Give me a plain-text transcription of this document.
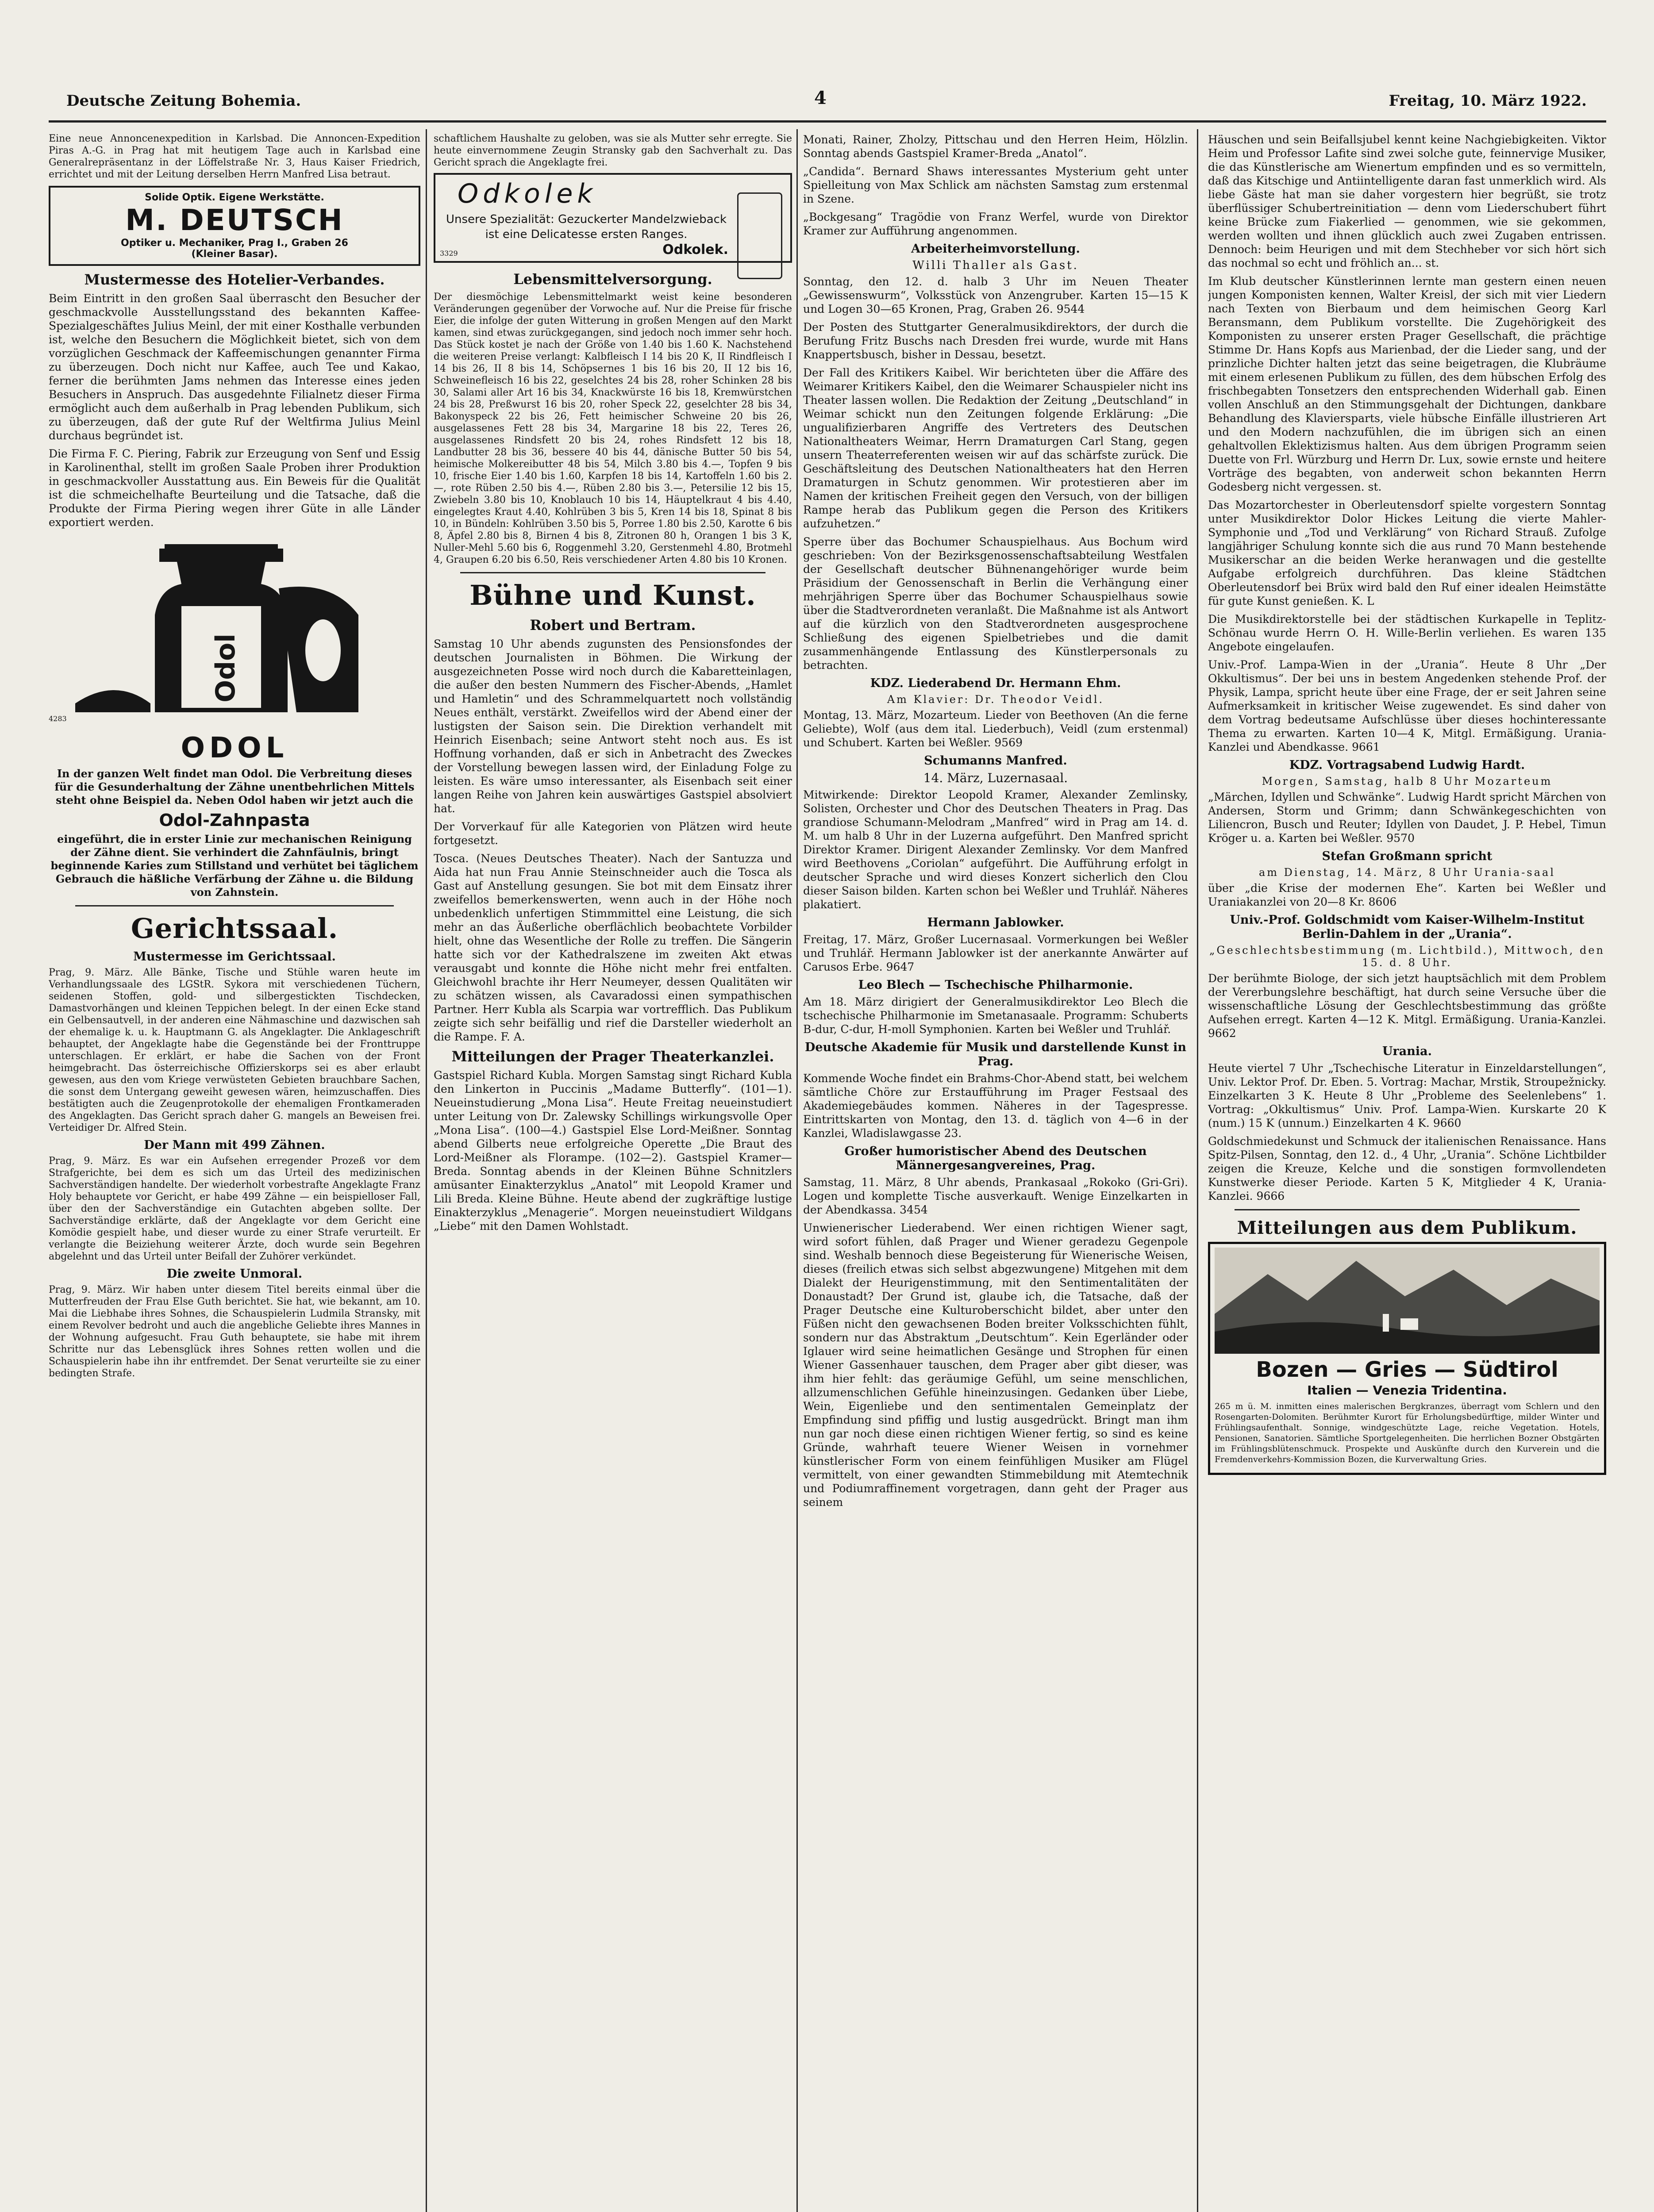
Deutsche Zeitung Bohemia.	4	Freitag, 10. März 1922.

Eine neue Annoncenexpedition in Karlsbad. Die Annoncen-Expedition Piras A.-G. in Prag hat mit heutigem Tage auch in Karlsbad eine Generalrepräsentanz in der Löffelstraße Nr. 3, Haus Kaiser Friedrich, errichtet und mit der Leitung derselben Herrn Manfred Lisa betraut.

Solide Optik. Eigene Werkstätte.
M. DEUTSCH
Optiker u. Mechaniker, Prag I., Graben 26
(Kleiner Basar).
Mustermesse des Hotelier-Verbandes.

Beim Eintritt in den großen Saal überrascht den Besucher der geschmackvolle Ausstellungsstand des bekannten Kaffee-Spezialgeschäftes Julius Meinl, der mit einer Kosthalle verbunden ist, welche den Besuchern die Möglichkeit bietet, sich von dem vorzüglichen Geschmack der Kaffeemischungen genannter Firma zu überzeugen. Doch nicht nur Kaffee, auch Tee und Kakao, ferner die berühmten Jams nehmen das Interesse eines jeden Besuchers in Anspruch. Das ausgedehnte Filialnetz dieser Firma ermöglicht auch dem außerhalb in Prag lebenden Publikum, sich zu überzeugen, daß der gute Ruf der Weltfirma Julius Meinl durchaus begründet ist.

Die Firma F. C. Piering, Fabrik zur Erzeugung von Senf und Essig in Karolinenthal, stellt im großen Saale Proben ihrer Produktion in geschmackvoller Ausstattung aus. Ein Beweis für die Qualität ist die schmeichelhafte Beurteilung und die Tatsache, daß die Produkte der Firma Piering wegen ihrer Güte in alle Länder exportiert werden.

Odol
4283
ODOL

In der ganzen Welt findet man Odol. Die Verbreitung dieses für die Gesunderhaltung der Zähne unentbehrlichen Mittels steht ohne Beispiel da. Neben Odol haben wir jetzt auch die

Odol-Zahnpasta

eingeführt, die in erster Linie zur mechanischen Reinigung der Zähne dient. Sie verhindert die Zahnfäulnis, bringt beginnende Karies zum Stillstand und verhütet bei täglichem Gebrauch die häßliche Verfärbung der Zähne u. die Bildung von Zahnstein.

Gerichtssaal.
Mustermesse im Gerichtssaal.

Prag, 9. März. Alle Bänke, Tische und Stühle waren heute im Verhandlungssaale des LGStR. Sykora mit verschiedenen Tüchern, seidenen Stoffen, gold- und silbergestickten Tischdecken, Damastvorhängen und kleinen Teppichen belegt. In der einen Ecke stand ein Gelbensautvell, in der anderen eine Nähmaschine und dazwischen sah der ehemalige k. u. k. Hauptmann G. als Angeklagter. Die Anklageschrift behauptet, der Angeklagte habe die Gegenstände bei der Fronttruppe unterschlagen. Er erklärt, er habe die Sachen von der Front heimgebracht. Das österreichische Offizierskorps sei es aber erlaubt gewesen, aus den vom Kriege verwüsteten Gebieten brauchbare Sachen, die sonst dem Untergang geweiht gewesen wären, heimzuschaffen. Dies bestätigten auch die Zeugenprotokolle der ehemaligen Frontkameraden des Angeklagten. Das Gericht sprach daher G. mangels an Beweisen frei. Verteidiger Dr. Alfred Stein.

Der Mann mit 499 Zähnen.

Prag, 9. März. Es war ein Aufsehen erregender Prozeß vor dem Strafgerichte, bei dem es sich um das Urteil des medizinischen Sachverständigen handelte. Der wiederholt vorbestrafte Angeklagte Franz Holy behauptete vor Gericht, er habe 499 Zähne — ein beispielloser Fall, über den der Sachverständige ein Gutachten abgeben sollte. Der Sachverständige erklärte, daß der Angeklagte vor dem Gericht eine Komödie gespielt habe, und dieser wurde zu einer Strafe verurteilt. Er verlangte die Beiziehung weiterer Ärzte, doch wurde sein Begehren abgelehnt und das Urteil unter Beifall der Zuhörer verkündet.

Die zweite Unmoral.

Prag, 9. März. Wir haben unter diesem Titel bereits einmal über die Mutterfreuden der Frau Else Guth berichtet. Sie hat, wie bekannt, am 10. Mai die Liebhabe ihres Sohnes, die Schauspielerin Ludmila Stransky, mit einem Revolver bedroht und auch die angebliche Geliebte ihres Mannes in der Wohnung aufgesucht. Frau Guth behauptete, sie habe mit ihrem Schritte nur das Lebensglück ihres Sohnes retten wollen und die Schauspielerin habe ihn ihr entfremdet. Der Senat verurteilte sie zu einer bedingten Strafe.

schaftlichem Haushalte zu geloben, was sie als Mutter sehr erregte. Sie heute einvernommene Zeugin Stransky gab den Sachverhalt zu. Das Gericht sprach die Angeklagte frei.

Odkolek
Unsere Spezialität: Gezuckerter Mandelzwieback ist eine Delicatesse ersten Ranges.
Odkolek.
3329
Lebensmittelversorgung.

Der diesmöchige Lebensmittelmarkt weist keine besonderen Veränderungen gegenüber der Vorwoche auf. Nur die Preise für frische Eier, die infolge der guten Witterung in großen Mengen auf den Markt kamen, sind etwas zurückgegangen, sind jedoch noch immer sehr hoch. Das Stück kostet je nach der Größe von 1.40 bis 1.60 K. Nachstehend die weiteren Preise verlangt: Kalbfleisch I 14 bis 20 K, II Rindfleisch I 14 bis 26, II 8 bis 14, Schöpsernes 1 bis 16 bis 20, II 12 bis 16, Schweinefleisch 16 bis 22, geselchtes 24 bis 28, roher Schinken 28 bis 30, Salami aller Art 16 bis 34, Knackwürste 16 bis 18, Kremwürstchen 24 bis 28, Preßwurst 16 bis 20, roher Speck 22, geselchter 28 bis 34, Bakonyspeck 22 bis 26, Fett heimischer Schweine 20 bis 26, ausgelassenes Fett 28 bis 34, Margarine 18 bis 22, Teres 26, ausgelassenes Rindsfett 20 bis 24, rohes Rindsfett 12 bis 18, Landbutter 28 bis 36, bessere 40 bis 44, dänische Butter 50 bis 54, heimische Molkereibutter 48 bis 54, Milch 3.80 bis 4.—, Topfen 9 bis 10, frische Eier 1.40 bis 1.60, Karpfen 18 bis 14, Kartoffeln 1.60 bis 2.—, rote Rüben 2.50 bis 4.—, Rüben 2.80 bis 3.—, Petersilie 12 bis 15, Zwiebeln 3.80 bis 10, Knoblauch 10 bis 14, Häuptelkraut 4 bis 4.40, eingelegtes Kraut 4.40, Kohlrüben 3 bis 5, Kren 14 bis 18, Spinat 8 bis 10, in Bündeln: Kohlrüben 3.50 bis 5, Porree 1.80 bis 2.50, Karotte 6 bis 8, Äpfel 2.80 bis 8, Birnen 4 bis 8, Zitronen 80 h, Orangen 1 bis 3 K, Nuller-Mehl 5.60 bis 6, Roggenmehl 3.20, Gerstenmehl 4.80, Brotmehl 4, Graupen 6.20 bis 6.50, Reis verschiedener Arten 4.80 bis 10 Kronen.

Bühne und Kunst.
Robert und Bertram.

Samstag 10 Uhr abends zugunsten des Pensionsfondes der deutschen Journalisten in Böhmen. Die Wirkung der ausgezeichneten Posse wird noch durch die Kabaretteinlagen, die außer den besten Nummern des Fischer-Abends, „Hamlet und Hamletin“ und des Schrammelquartett noch vollständig Neues enthält, verstärkt. Zweifellos wird der Abend einer der lustigsten der Saison sein. Die Direktion verhandelt mit Heinrich Eisenbach; seine Antwort steht noch aus. Es ist Hoffnung vorhanden, daß er sich in Anbetracht des Zweckes der Vorstellung bewegen lassen wird, der Einladung Folge zu leisten. Es wäre umso interessanter, als Eisenbach seit einer langen Reihe von Jahren kein auswärtiges Gastspiel absolviert hat.

Der Vorverkauf für alle Kategorien von Plätzen wird heute fortgesetzt.

Tosca. (Neues Deutsches Theater). Nach der Santuzza und Aida hat nun Frau Annie Steinschneider auch die Tosca als Gast auf Anstellung gesungen. Sie bot mit dem Einsatz ihrer zweifellos bemerkenswerten, wenn auch in der Höhe noch unbedenklich unfertigen Stimmmittel eine Leistung, die sich mehr an das Äußerliche oberflächlich beobachtete Vorbilder hielt, ohne das Wesentliche der Rolle zu treffen. Die Sängerin hatte sich vor der Kathedralszene im zweiten Akt etwas verausgabt und konnte die Höhe nicht mehr frei entfalten. Gleichwohl brachte ihr Herr Neumeyer, dessen Qualitäten wir zu schätzen wissen, als Cavaradossi einen sympathischen Partner. Herr Kubla als Scarpia war vortrefflich. Das Publikum zeigte sich sehr beifällig und rief die Darsteller wiederholt an die Rampe. F. A.

Mitteilungen der Prager Theaterkanzlei.

Gastspiel Richard Kubla. Morgen Samstag singt Richard Kubla den Linkerton in Puccinis „Madame Butterfly“. (101—1). Neueinstudierung „Mona Lisa“. Heute Freitag neueinstudiert unter Leitung von Dr. Zalewsky Schillings wirkungsvolle Oper „Mona Lisa“. (100—4.) Gastspiel Else Lord-Meißner. Sonntag abend Gilberts neue erfolgreiche Operette „Die Braut des Lord-Meißner als Florampe. (102—2). Gastspiel Kramer—Breda. Sonntag abends in der Kleinen Bühne Schnitzlers amüsanter Einakterzyklus „Anatol“ mit Leopold Kramer und Lili Breda. Kleine Bühne. Heute abend der zugkräftige lustige Einakterzyklus „Menagerie“. Morgen neueinstudiert Wildgans „Liebe“ mit den Damen Wohlstadt.

Monati, Rainer, Zholzy, Pittschau und den Herren Heim, Hölzlin. Sonntag abends Gastspiel Kramer-Breda „Anatol“.

„Candida“. Bernard Shaws interessantes Mysterium geht unter Spielleitung von Max Schlick am nächsten Samstag zum erstenmal in Szene.

„Bockgesang“ Tragödie von Franz Werfel, wurde von Direktor Kramer zur Aufführung angenommen.

Arbeiterheimvorstellung.
Willi Thaller als Gast.

Sonntag, den 12. d. halb 3 Uhr im Neuen Theater „Gewissenswurm“, Volksstück von Anzengruber. Karten 15—15 K und Logen 30—65 Kronen, Prag, Graben 26. 9544

Der Posten des Stuttgarter Generalmusikdirektors, der durch die Berufung Fritz Buschs nach Dresden frei wurde, wurde mit Hans Knappertsbusch, bisher in Dessau, besetzt.

Der Fall des Kritikers Kaibel. Wir berichteten über die Affäre des Weimarer Kritikers Kaibel, den die Weimarer Schauspieler nicht ins Theater lassen wollen. Die Redaktion der Zeitung „Deutschland“ in Weimar schickt nun den Zeitungen folgende Erklärung: „Die ungualifizierbaren Angriffe des Vertreters des Deutschen Nationaltheaters Weimar, Herrn Dramaturgen Carl Stang, gegen unsern Theaterreferenten weisen wir auf das schärfste zurück. Die Geschäftsleitung des Deutschen Nationaltheaters hat den Herren Dramaturgen in Schutz genommen. Wir protestieren aber im Namen der kritischen Freiheit gegen den Versuch, von der billigen Rampe herab das Publikum gegen die Person des Kritikers aufzuhetzen.“

Sperre über das Bochumer Schauspielhaus. Aus Bochum wird geschrieben: Von der Bezirksgenossenschaftsabteilung Westfalen der Gesellschaft deutscher Bühnenangehöriger wurde beim Präsidium der Genossenschaft in Berlin die Verhängung einer mehrjährigen Sperre über das Bochumer Schauspielhaus sowie über die Stadtverordneten veranlaßt. Die Maßnahme ist als Antwort auf die kürzlich von den Stadtverordneten ausgesprochene Schließung des eigenen Spielbetriebes und die damit zusammenhängende Entlassung des Künstlerpersonals zu betrachten.

KDZ. Liederabend Dr. Hermann Ehm.
Am Klavier: Dr. Theodor Veidl.

Montag, 13. März, Mozarteum. Lieder von Beethoven (An die ferne Geliebte), Wolf (aus dem ital. Liederbuch), Veidl (zum erstenmal) und Schubert. Karten bei Weßler. 9569

Schumanns Manfred.
14. März, Luzernasaal.

Mitwirkende: Direktor Leopold Kramer, Alexander Zemlinsky, Solisten, Orchester und Chor des Deutschen Theaters in Prag. Das grandiose Schumann-Melodram „Manfred“ wird in Prag am 14. d. M. um halb 8 Uhr in der Luzerna aufgeführt. Den Manfred spricht Direktor Kramer. Dirigent Alexander Zemlinsky. Vor dem Manfred wird Beethovens „Coriolan“ aufgeführt. Die Aufführung erfolgt in deutscher Sprache und wird dieses Konzert sicherlich den Clou dieser Saison bilden. Karten schon bei Weßler und Truhlář. Näheres plakatiert.

Hermann Jablowker.

Freitag, 17. März, Großer Lucernasaal. Vormerkungen bei Weßler und Truhlář. Hermann Jablowker ist der anerkannte Anwärter auf Carusos Erbe. 9647

Leo Blech — Tschechische Philharmonie.

Am 18. März dirigiert der Generalmusikdirektor Leo Blech die tschechische Philharmonie im Smetanasaale. Programm: Schuberts B-dur, C-dur, H-moll Symphonien. Karten bei Weßler und Truhlář.

Deutsche Akademie für Musik und darstellende Kunst in Prag.

Kommende Woche findet ein Brahms-Chor-Abend statt, bei welchem sämtliche Chöre zur Erstaufführung im Prager Festsaal des Akademiegebäudes kommen. Näheres in der Tagespresse. Eintrittskarten von Montag, den 13. d. täglich von 4—6 in der Kanzlei, Wladislawgasse 23.

Großer humoristischer Abend des Deutschen Männergesangvereines, Prag.

Samstag, 11. März, 8 Uhr abends, Prankasaal „Rokoko (Gri-Gri). Logen und komplette Tische ausverkauft. Wenige Einzelkarten in der Abendkassa. 3454

Unwienerischer Liederabend. Wer einen richtigen Wiener sagt, wird sofort fühlen, daß Prager und Wiener geradezu Gegenpole sind. Weshalb bennoch diese Begeisterung für Wienerische Weisen, dieses (freilich etwas sich selbst abgezwungene) Mitgehen mit dem Dialekt der Heurigenstimmung, mit den Sentimentalitäten der Donaustadt? Der Grund ist, glaube ich, die Tatsache, daß der Prager Deutsche eine Kulturoberschicht bildet, aber unter den Füßen nicht den gewachsenen Boden breiter Volksschichten fühlt, sondern nur das Abstraktum „Deutschtum“. Kein Egerländer oder Iglauer wird seine heimatlichen Gesänge und Strophen für einen Wiener Gassenhauer tauschen, dem Prager aber gibt dieser, was ihm hier fehlt: das geräumige Gefühl, um seine menschlichen, allzumenschlichen Gefühle hineinzusingen. Gedanken über Liebe, Wein, Eigenliebe und den sentimentalen Gemeinplatz der Empfindung sind pfiffig und lustig ausgedrückt. Bringt man ihm nun gar noch diese einen richtigen Wiener fertig, so sind es keine Gründe, wahrhaft teuere Wiener Weisen in vornehmer künstlerischer Form von einem feinfühligen Musiker am Flügel vermittelt, von einer gewandten Stimmebildung mit Atemtechnik und Podiumraffinement vorgetragen, dann geht der Prager aus seinem

Häuschen und sein Beifallsjubel kennt keine Nachgiebigkeiten. Viktor Heim und Professor Lafite sind zwei solche gute, feinnervige Musiker, die das Künstlerische am Wienertum empfinden und es so vermitteln, daß das Kitschige und Antiintelligente daran fast unmerklich wird. Als liebe Gäste hat man sie daher vorgestern hier begrüßt, sie trotz überflüssiger Schubertreinitiation — denn vom Liederschubert führt keine Brücke zum Fiakerlied — genommen, wie sie gekommen, werden wollten und ihnen glücklich auch zwei Zugaben entrissen. Dennoch: beim Heurigen und mit dem Stechheber vor sich hört sich das nochmal so echt und fröhlich an... st.

Im Klub deutscher Künstlerinnen lernte man gestern einen neuen jungen Komponisten kennen, Walter Kreisl, der sich mit vier Liedern nach Texten von Bierbaum und dem heimischen Georg Karl Beransmann, dem Publikum vorstellte. Die Zugehörigkeit des Komponisten zu unserer ersten Prager Gesellschaft, die prächtige Stimme Dr. Hans Kopfs aus Marienbad, der die Lieder sang, und der prinzliche Dichter halten jetzt das seine beigetragen, die Klubräume mit einem erlesenen Publikum zu füllen, des dem hübschen Erfolg des frischbegabten Tonsetzers den entsprechenden Widerhall gab. Einen vollen Anschluß an den Stimmungsgehalt der Dichtungen, dankbare Behandlung des Klaviersparts, viele hübsche Einfälle illustrieren Art und den Modern nachzufühlen, die im übrigen sich an einen gehaltvollen Eklektizismus halten. Aus dem übrigen Programm seien Duette von Frl. Würzburg und Herrn Dr. Lux, sowie ernste und heitere Vorträge des begabten, von anderweit schon bekannten Herrn Godesberg nicht vergessen. st.

Das Mozartorchester in Oberleutensdorf spielte vorgestern Sonntag unter Musikdirektor Dolor Hickes Leitung die vierte Mahler-Symphonie und „Tod und Verklärung“ von Richard Strauß. Zufolge langjähriger Schulung konnte sich die aus rund 70 Mann bestehende Musikerschar an die beiden Werke heranwagen und die gestellte Aufgabe erfolgreich durchführen. Das kleine Städtchen Oberleutensdorf bei Brüx wird bald den Ruf einer idealen Heimstätte für gute Kunst genießen. K. L

Die Musikdirektorstelle bei der städtischen Kurkapelle in Teplitz-Schönau wurde Herrn O. H. Wille-Berlin verliehen. Es waren 135 Angebote eingelaufen.

Univ.-Prof. Lampa-Wien in der „Urania“. Heute 8 Uhr „Der Okkultismus“. Der bei uns in bestem Angedenken stehende Prof. der Physik, Lampa, spricht heute über eine Frage, der er seit Jahren seine Aufmerksamkeit in kritischer Weise zugewendet. Es sind daher von dem Vortrag bedeutsame Aufschlüsse über dieses hochinteressante Thema zu erwarten. Karten 10—4 K, Mitgl. Ermäßigung. Urania-Kanzlei und Abendkasse. 9661

KDZ. Vortragsabend Ludwig Hardt.
Morgen, Samstag, halb 8 Uhr Mozarteum

„Märchen, Idyllen und Schwänke“. Ludwig Hardt spricht Märchen von Andersen, Storm und Grimm; dann Schwänkegeschichten von Liliencron, Busch und Reuter; Idyllen von Daudet, J. P. Hebel, Timun Kröger u. a. Karten bei Weßler. 9570

Stefan Großmann spricht
am Dienstag, 14. März, 8 Uhr Urania-saal

über „die Krise der modernen Ehe“. Karten bei Weßler und Uraniakanzlei von 20—8 Kr. 8606

Univ.-Prof. Goldschmidt vom Kaiser-Wilhelm-Institut Berlin-Dahlem in der „Urania“.
„Geschlechtsbestimmung (m. Lichtbild.), Mittwoch, den 15. d. 8 Uhr.

Der berühmte Biologe, der sich jetzt hauptsächlich mit dem Problem der Vererbungslehre beschäftigt, hat durch seine Versuche über die wissenschaftliche Lösung der Geschlechtsbestimmung das größte Aufsehen erregt. Karten 4—12 K. Mitgl. Ermäßigung. Urania-Kanzlei. 9662

Urania.

Heute viertel 7 Uhr „Tschechische Literatur in Einzeldarstellungen“, Univ. Lektor Prof. Dr. Eben. 5. Vortrag: Machar, Mrstik, Stroupežnicky. Einzelkarten 3 K. Heute 8 Uhr „Probleme des Seelenlebens“ 1. Vortrag: „Okkultismus“ Univ. Prof. Lampa-Wien. Kurskarte 20 K (num.) 15 K (unnum.) Einzelkarten 4 K. 9660

Goldschmiedekunst und Schmuck der italienischen Renaissance. Hans Spitz-Pilsen, Sonntag, den 12. d., 4 Uhr, „Urania“. Schöne Lichtbilder zeigen die Kreuze, Kelche und die sonstigen formvollendeten Kunstwerke dieser Periode. Karten 5 K, Mitglieder 4 K, Urania-Kanzlei. 9666

Mitteilungen aus dem Publikum.
Bozen — Gries — Südtirol
Italien — Venezia Tridentina.

265 m ü. M. inmitten eines malerischen Bergkranzes, überragt vom Schlern und den Rosengarten-Dolomiten. Berühmter Kurort für Erholungsbedürftige, milder Winter und Frühlingsaufenthalt. Sonnige, windgeschützte Lage, reiche Vegetation. Hotels, Pensionen, Sanatorien. Sämtliche Sportgelegenheiten. Die herrlichen Bozner Obstgärten im Frühlingsblütenschmuck. Prospekte und Auskünfte durch den Kurverein und die Fremdenverkehrs-Kommission Bozen, die Kurverwaltung Gries.
